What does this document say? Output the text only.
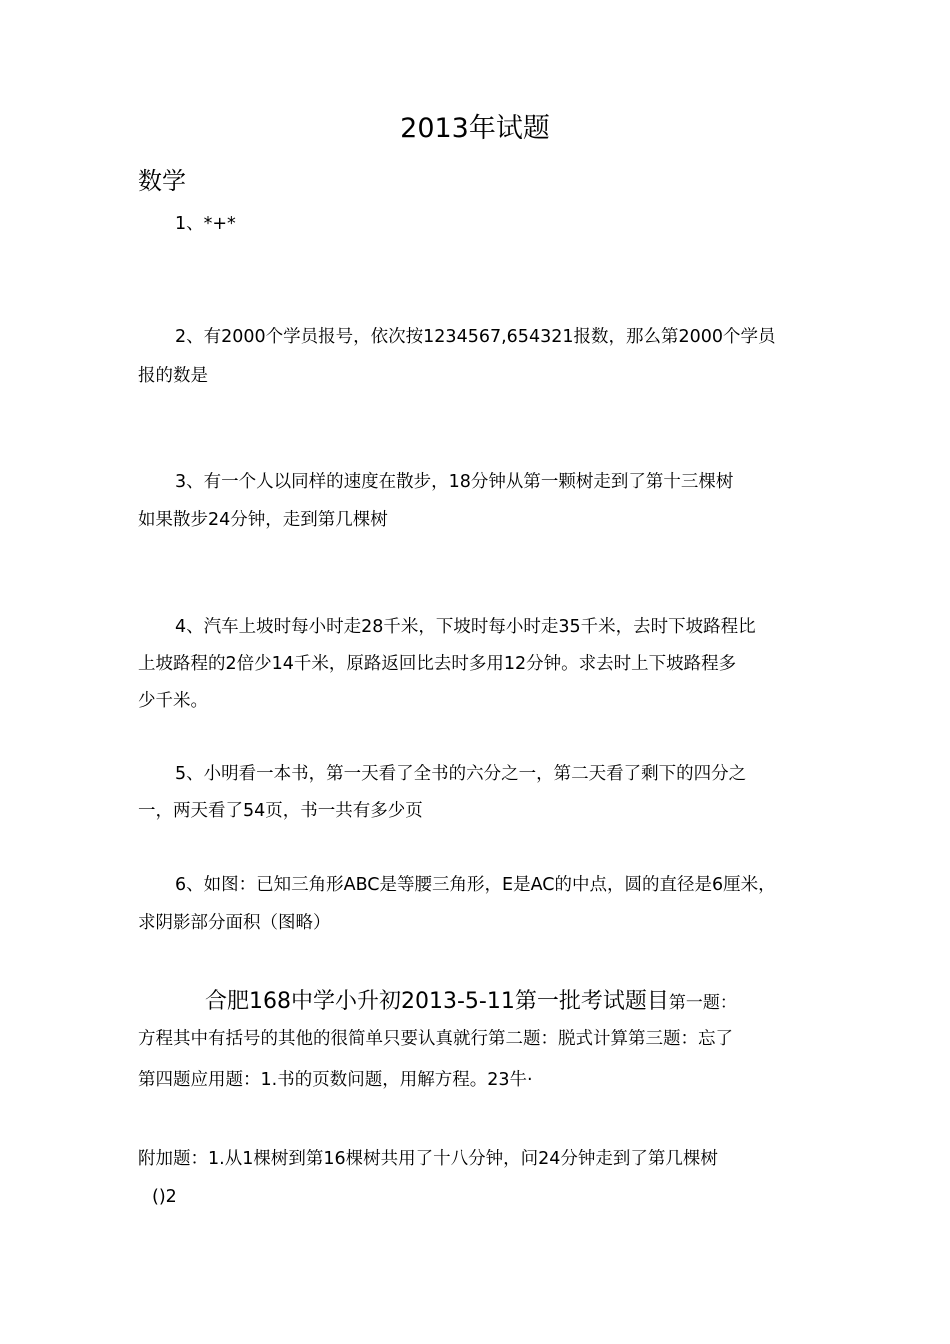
2013年试题
数学
1、*+*
2、有2000个学员报号，依次按1234567,654321报数，那么第2000个学员
报的数是
3、有一个人以同样的速度在散步，18分钟从第一颗树走到了第十三棵树
如果散步24分钟，走到第几棵树
4、汽车上坡时每小时走28千米，下坡时每小时走35千米，去时下坡路程比
上坡路程的2倍少14千米，原路返回比去时多用12分钟。求去时上下坡路程多
少千米。
5、小明看一本书，第一天看了全书的六分之一，第二天看了剩下的四分之
一，两天看了54页，书一共有多少页
6、如图：已知三角形ABC是等腰三角形，E是AC的中点，圆的直径是6厘米，
求阴影部分面积（图略）
合肥168中学小升初2013-5-11第一批考试题目第一题：
方程其中有括号的其他的很简单只要认真就行第二题：脱式计算第三题：忘了
第四题应用题：1.书的页数问题，用解方程。23牛·
附加题：1.从1棵树到第16棵树共用了十八分钟，问24分钟走到了第几棵树
()2
